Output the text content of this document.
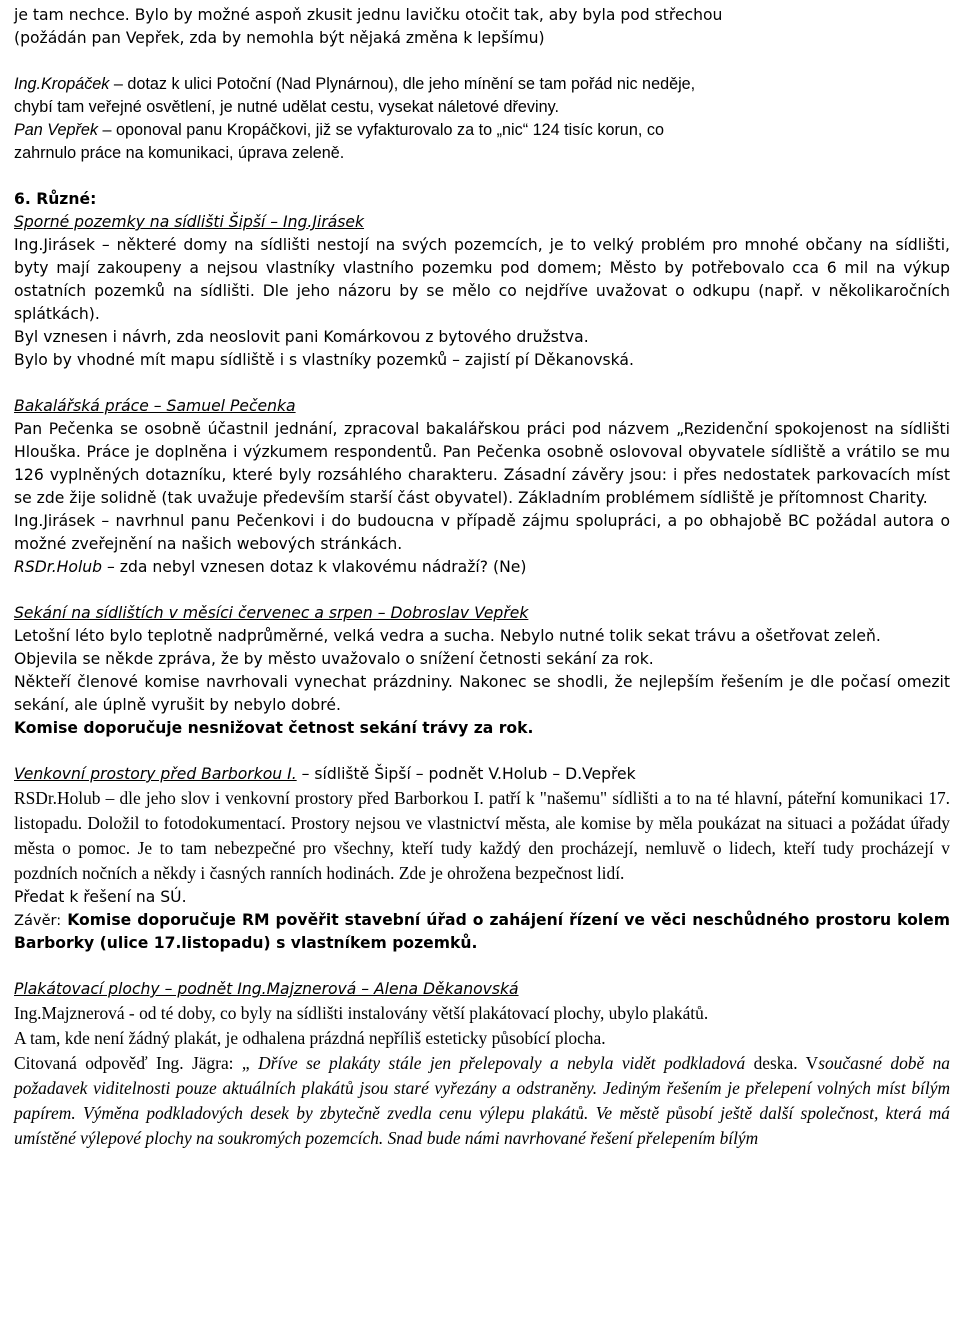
je tam nechce. Bylo by možné aspoň zkusit jednu lavičku otočit tak, aby byla pod střechou

(požádán pan Vepřek, zda by nemohla být nějaká změna k lepšímu)

Ing.Kropáček – dotaz k ulici Potoční (Nad Plynárnou), dle jeho mínění se tam pořád nic neděje,

chybí tam veřejné osvětlení, je nutné udělat cestu, vysekat náletové dřeviny.

Pan Vepřek – oponoval panu Kropáčkovi, již se vyfakturovalo za to „nic“ 124 tisíc korun, co

zahrnulo práce na komunikaci, úprava zeleně.

6. Různé:

Sporné pozemky na sídlišti Šipší – Ing.Jirásek

Ing.Jirásek – některé domy na sídlišti nestojí na svých pozemcích, je to velký problém pro mnohé občany na sídlišti, byty mají zakoupeny a nejsou vlastníky vlastního pozemku pod domem; Město by potřebovalo cca 6 mil na výkup ostatních pozemků na sídlišti. Dle jeho názoru by se mělo co nejdříve uvažovat o odkupu (např. v několikaročních splátkách).

Byl vznesen i návrh, zda neoslovit pani Komárkovou z bytového družstva.

Bylo by vhodné mít mapu sídliště i s vlastníky pozemků – zajistí pí Děkanovská.

Bakalářská práce – Samuel Pečenka

Pan Pečenka se osobně účastnil jednání, zpracoval bakalářskou práci pod názvem „Rezidenční spokojenost na sídlišti Hlouška. Práce je doplněna i výzkumem respondentů. Pan Pečenka osobně oslovoval obyvatele sídliště a vrátilo se mu 126 vyplněných dotazníku, které byly rozsáhlého charakteru. Zásadní závěry jsou: i přes nedostatek parkovacích míst se zde žije solidně (tak uvažuje především starší část obyvatel). Základním problémem sídliště je přítomnost Charity.

Ing.Jirásek – navrhnul panu Pečenkovi i do budoucna v případě zájmu spolupráci, a po obhajobě BC požádal autora o možné zveřejnění na našich webových stránkách.

RSDr.Holub – zda nebyl vznesen dotaz k vlakovému nádraží? (Ne)

Sekání na sídlištích v měsíci červenec a srpen – Dobroslav Vepřek

Letošní léto bylo teplotně nadprůměrné, velká vedra a sucha. Nebylo nutné tolik sekat trávu a ošetřovat zeleň.

Objevila se někde zpráva, že by město uvažovalo o snížení četnosti sekání za rok.

Někteří členové komise navrhovali vynechat prázdniny. Nakonec se shodli, že nejlepším řešením je dle počasí omezit sekání, ale úplně vyrušit by nebylo dobré.

Komise doporučuje nesnižovat četnost sekání trávy za rok.

Venkovní prostory před Barborkou I. – sídliště Šipší – podnět V.Holub – D.Vepřek

RSDr.Holub – dle jeho slov i venkovní prostory před Barborkou I. patří k "našemu" sídlišti a to na té hlavní, páteřní komunikaci 17. listopadu. Doložil to fotodokumentací. Prostory nejsou ve vlastnictví města, ale komise by měla poukázat na situaci a požádat úřady města o pomoc. Je to tam nebezpečné pro všechny, kteří tudy každý den procházejí, nemluvě o lidech, kteří tudy procházejí v pozdních nočních a někdy i časných ranních hodinách. Zde je ohrožena bezpečnost lidí.

Předat k řešení na SÚ.

Závěr: Komise doporučuje RM pověřit stavební úřad o zahájení řízení ve věci neschůdného prostoru kolem Barborky (ulice 17.listopadu) s vlastníkem pozemků.

Plakátovací plochy – podnět Ing.Majznerová – Alena Děkanovská

Ing.Majznerová - od té doby, co byly na sídlišti instalovány větší plakátovací plochy, ubylo plakátů.

A tam, kde není žádný plakát, je odhalena prázdná nepříliš esteticky působící plocha.

Citovaná odpověď Ing. Jägra: „ Dříve se plakáty stále jen přelepovaly a nebyla vidět podkladová deska. Vsoučasné době na požadavek viditelnosti pouze aktuálních plakátů jsou staré vyřezány a odstraněny. Jediným řešením je přelepení volných míst bílým papírem. Výměna podkladových desek by zbytečně zvedla cenu výlepu plakátů. Ve městě působí ještě další společnost, která má umístěné výlepové plochy na soukromých pozemcích. Snad bude námi navrhované řešení přelepením bílým
